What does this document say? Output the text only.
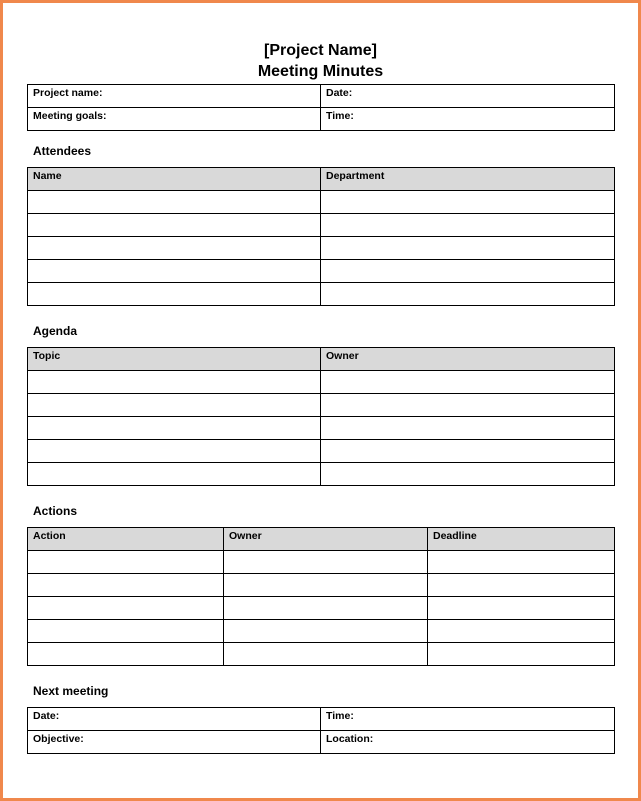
[Project Name]
Meeting Minutes
Project name:	Date:
Meeting goals:	Time:
Attendees
Name	Department

Agenda
Topic	Owner

Actions
Action	Owner	Deadline

Next meeting
Date:	Time:
Objective:	Location:
